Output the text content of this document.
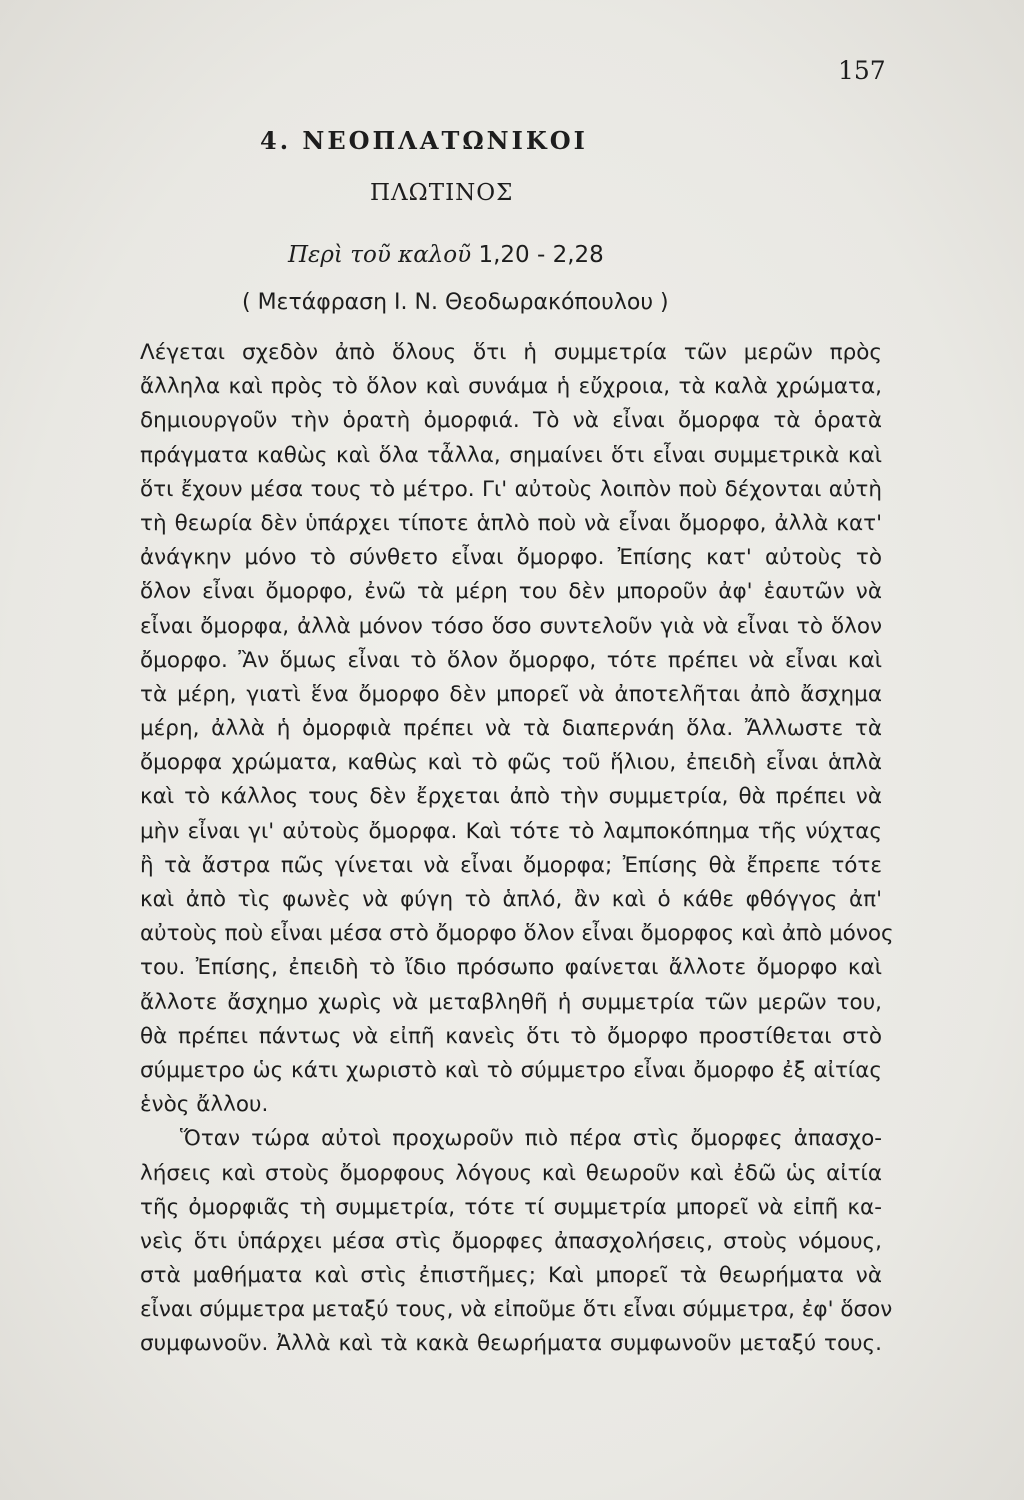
157
4. ΝΕΟΠΛΑΤΩΝΙΚΟΙ
ΠΛΩΤΙΝΟΣ
Περὶ τοῦ καλοῦ 1,20 - 2,28
( Μετάφραση Ι. Ν. Θεοδωρακόπουλου )
Λέγεται σχεδὸν ἀπὸ ὅλους ὅτι ἡ συμμετρία τῶν μερῶν πρὸς
ἄλληλα καὶ πρὸς τὸ ὅλον καὶ συνάμα ἡ εὔχροια, τὰ καλὰ χρώματα,
δημιουργοῦν τὴν ὁρατὴ ὀμορφιά. Τὸ νὰ εἶναι ὄμορφα τὰ ὁρατὰ
πράγματα καθὼς καὶ ὅλα τἆλλα, σημαίνει ὅτι εἶναι συμμετρικὰ καὶ
ὅτι ἔχουν μέσα τους τὸ μέτρο. Γι' αὐτοὺς λοιπὸν ποὺ δέχονται αὐτὴ
τὴ θεωρία δὲν ὑπάρχει τίποτε ἁπλὸ ποὺ νὰ εἶναι ὄμορφο, ἀλλὰ κατ'
ἀνάγκην μόνο τὸ σύνθετο εἶναι ὄμορφο. Ἐπίσης κατ' αὐτοὺς τὸ
ὅλον εἶναι ὄμορφο, ἐνῶ τὰ μέρη του δὲν μποροῦν ἀφ' ἑαυτῶν νὰ
εἶναι ὄμορφα, ἀλλὰ μόνον τόσο ὅσο συντελοῦν γιὰ νὰ εἶναι τὸ ὅλον
ὄμορφο. Ἂν ὅμως εἶναι τὸ ὅλον ὄμορφο, τότε πρέπει νὰ εἶναι καὶ
τὰ μέρη, γιατὶ ἕνα ὄμορφο δὲν μπορεῖ νὰ ἀποτελῆται ἀπὸ ἄσχημα
μέρη, ἀλλὰ ἡ ὀμορφιὰ πρέπει νὰ τὰ διαπερνάη ὅλα. Ἄλλωστε τὰ
ὄμορφα χρώματα, καθὼς καὶ τὸ φῶς τοῦ ἥλιου, ἐπειδὴ εἶναι ἁπλὰ
καὶ τὸ κάλλος τους δὲν ἔρχεται ἀπὸ τὴν συμμετρία, θὰ πρέπει νὰ
μὴν εἶναι γι' αὐτοὺς ὄμορφα. Καὶ τότε τὸ λαμποκόπημα τῆς νύχτας
ἢ τὰ ἄστρα πῶς γίνεται νὰ εἶναι ὄμορφα; Ἐπίσης θὰ ἔπρεπε τότε
καὶ ἀπὸ τὶς φωνὲς νὰ φύγη τὸ ἁπλό, ἂν καὶ ὁ κάθε φθόγγος ἀπ'
αὐτοὺς ποὺ εἶναι μέσα στὸ ὄμορφο ὅλον εἶναι ὄμορφος καὶ ἀπὸ μόνος
του. Ἐπίσης, ἐπειδὴ τὸ ἴδιο πρόσωπο φαίνεται ἄλλοτε ὄμορφο καὶ
ἄλλοτε ἄσχημο χωρὶς νὰ μεταβληθῆ ἡ συμμετρία τῶν μερῶν του,
θὰ πρέπει πάντως νὰ εἰπῆ κανεὶς ὅτι τὸ ὄμορφο προστίθεται στὸ
σύμμετρο ὡς κάτι χωριστὸ καὶ τὸ σύμμετρο εἶναι ὄμορφο ἐξ αἰτίας
ἑνὸς ἄλλου.
Ὅταν τώρα αὐτοὶ προχωροῦν πιὸ πέρα στὶς ὄμορφες ἀπασχο-
λήσεις καὶ στοὺς ὄμορφους λόγους καὶ θεωροῦν καὶ ἐδῶ ὡς αἰτία
τῆς ὀμορφιᾶς τὴ συμμετρία, τότε τί συμμετρία μπορεῖ νὰ εἰπῆ κα-
νεὶς ὅτι ὑπάρχει μέσα στὶς ὄμορφες ἀπασχολήσεις, στοὺς νόμους,
στὰ μαθήματα καὶ στὶς ἐπιστῆμες; Καὶ μπορεῖ τὰ θεωρήματα νὰ
εἶναι σύμμετρα μεταξύ τους, νὰ εἰποῦμε ὅτι εἶναι σύμμετρα, ἐφ' ὅσον
συμφωνοῦν. Ἀλλὰ καὶ τὰ κακὰ θεωρήματα συμφωνοῦν μεταξύ τους.
